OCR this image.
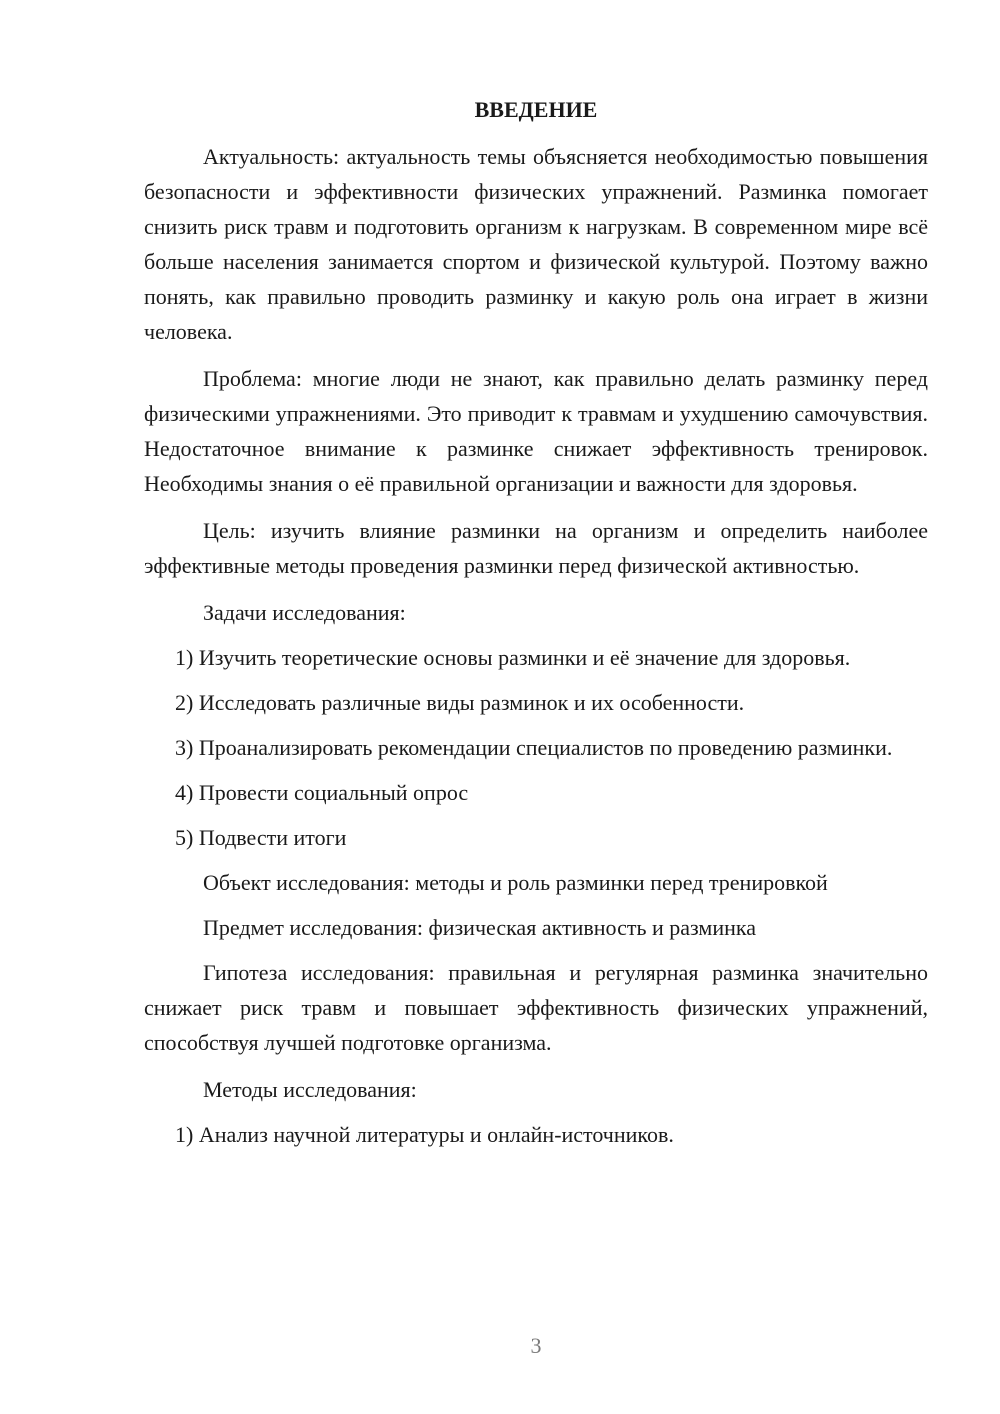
ВВЕДЕНИЕ
Актуальность: актуальность темы объясняется необходимостью повышения безопасности и эффективности физических упражнений. Разминка помогает снизить риск травм и подготовить организм к нагрузкам. В современном мире всё больше населения занимается спортом и физической культурой. Поэтому важно понять, как правильно проводить разминку и какую роль она играет в жизни человека.
Проблема: многие люди не знают, как правильно делать разминку перед физическими упражнениями. Это приводит к травмам и ухудшению самочувствия. Недостаточное внимание к разминке снижает эффективность тренировок. Необходимы знания о её правильной организации и важности для здоровья.
Цель: изучить влияние разминки на организм и определить наиболее эффективные методы проведения разминки перед физической активностью.
Задачи исследования:
1) Изучить теоретические основы разминки и её значение для здоровья.
2) Исследовать различные виды разминок и их особенности.
3) Проанализировать рекомендации специалистов по проведению разминки.
4) Провести социальный опрос
5) Подвести итоги
Объект исследования: методы и роль разминки перед тренировкой
Предмет исследования: физическая активность и разминка
Гипотеза исследования: правильная и регулярная разминка значительно снижает риск травм и повышает эффективность физических упражнений, способствуя лучшей подготовке организма.
Методы исследования:
1) Анализ научной литературы и онлайн-источников.
3
